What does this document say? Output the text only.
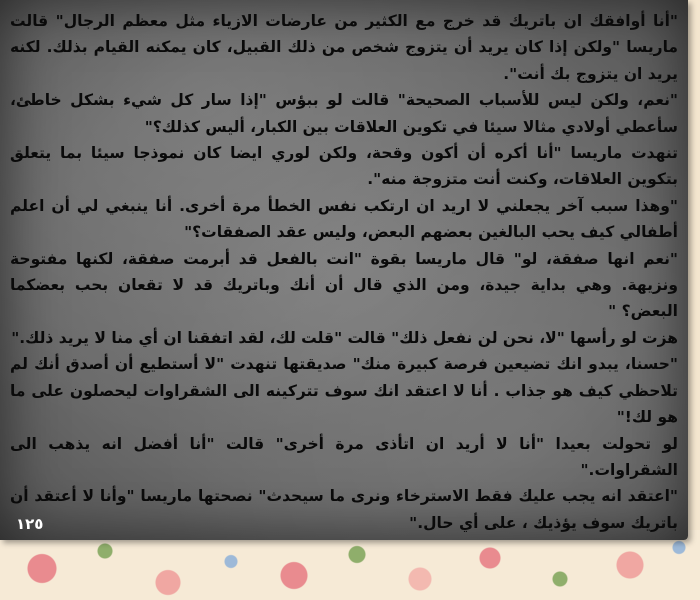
"أنا أوافقك ان باتريك قد خرج مع الكثير من عارضات الازياء مثل معظم الرجال" قالت ماريسا "ولكن إذا كان يريد أن يتزوج شخص من ذلك القبيل، كان يمكنه القيام بذلك. لكنه يريد ان يتزوج بك أنت".

"نعم، ولكن ليس للأسباب الصحيحة" قالت لو ببؤس "إذا سار كل شيء بشكل خاطئ، سأعطي أولادي مثالا سيئا في تكوين العلاقات بين الكبار، أليس كذلك؟"

تنهدت ماريسا "أنا أكره أن أكون وقحة، ولكن لوري ايضا كان نموذجا سيئا بما يتعلق بتكوين العلاقات، وكنت أنت متزوجة منه".

"وهذا سبب آخر يجعلني لا اريد ان ارتكب نفس الخطأ مرة أخرى. أنا ينبغي لي أن اعلم أطفالي كيف يحب البالغين بعضهم البعض، وليس عقد الصفقات؟"

"نعم انها صفقة، لو" قال ماريسا بقوة "انت بالفعل قد أبرمت صفقة، لكنها مفتوحة ونزيهة. وهي بداية جيدة، ومن الذي قال أن أنك وباتريك قد لا تقعان بحب بعضكما البعض؟ "

هزت لو رأسها "لا، نحن لن نفعل ذلك" قالت "قلت لك، لقد اتفقنا ان أي منا لا يريد ذلك."

"حسنا، يبدو انك تضيعين فرصة كبيرة منك" صديقتها تنهدت "لا أستطيع أن أصدق أنك لم تلاحظي كيف هو جذاب . أنا لا اعتقد انك سوف تتركينه الى الشقراوات ليحصلون على ما هو لك!"

لو تحولت بعيدا "أنا لا أريد ان اتأذى مرة أخرى" قالت "أنا أفضل انه يذهب الى الشقراوات."

"اعتقد انه يجب عليك فقط الاسترخاء ونرى ما سيحدث" نصحتها ماريسا "وأنا لا أعتقد أن باتريك سوف يؤذيك ، على أي حال."

١٢٥
